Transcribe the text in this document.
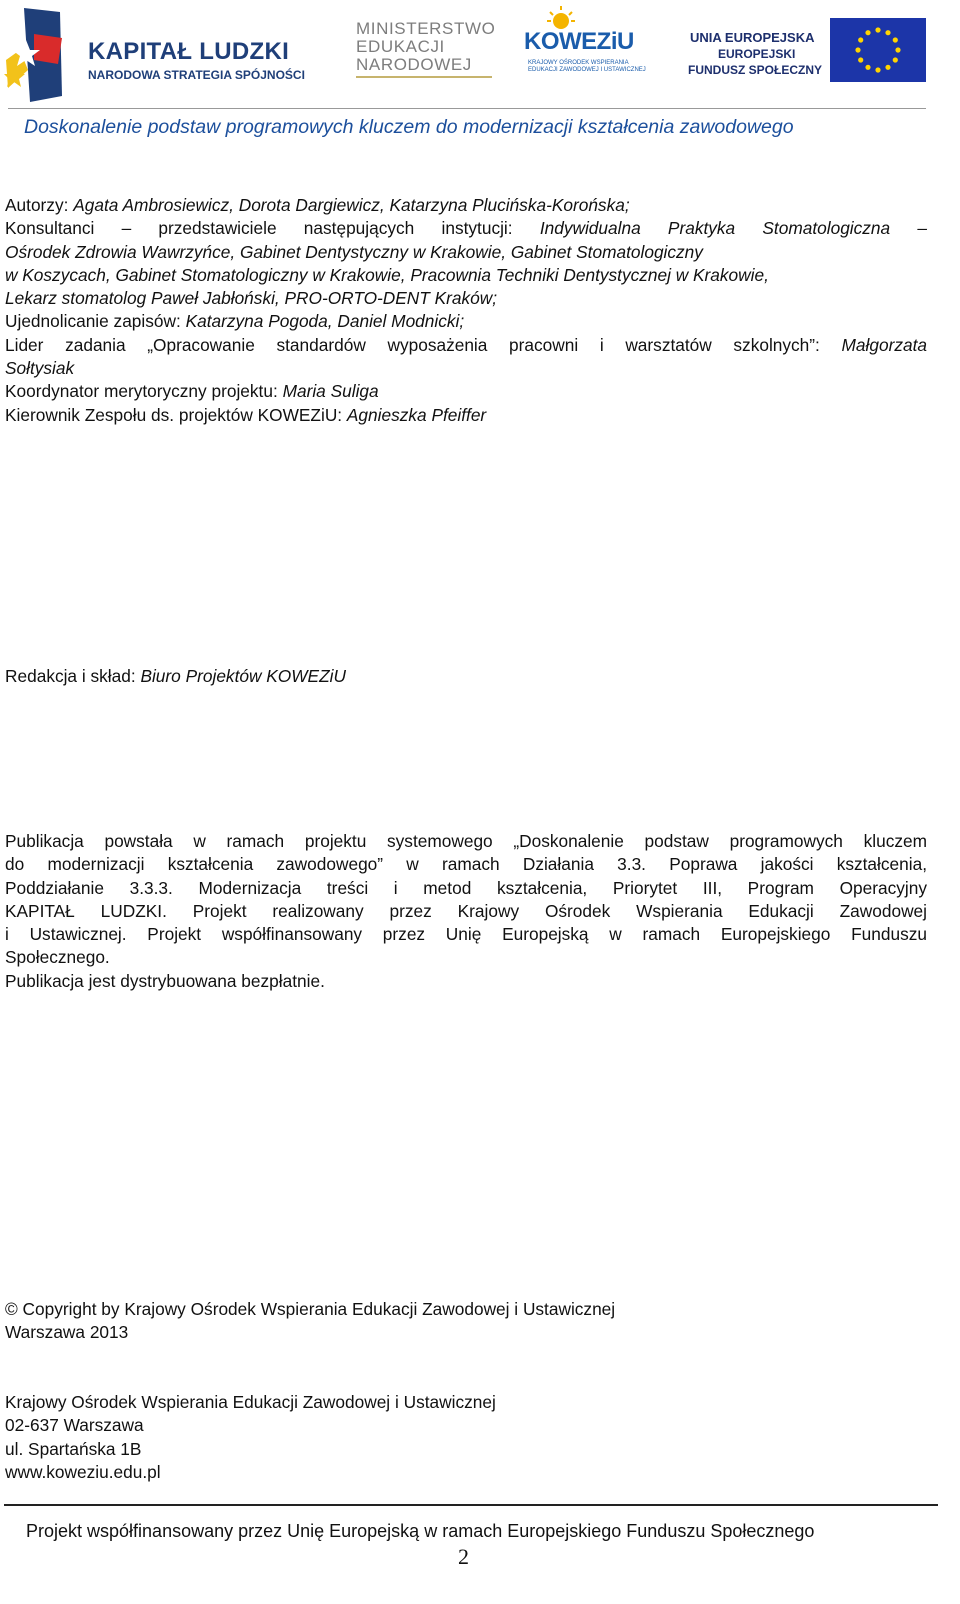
KAPITAŁ LUDZKI
NARODOWA STRATEGIA SPÓJNOŚCI
MINISTERSTWO
EDUKACJI
NARODOWEJ
KOWEZiU
KRAJOWY OŚRODEK WSPIERANIA
EDUKACJI ZAWODOWEJ I USTAWICZNEJ
UNIA EUROPEJSKA
EUROPEJSKI
FUNDUSZ SPOŁECZNY
Doskonalenie podstaw programowych kluczem do modernizacji kształcenia zawodowego
Autorzy: Agata Ambrosiewicz, Dorota Dargiewicz, Katarzyna Plucińska-Korońska;
Konsultanci – przedstawiciele następujących instytucji: Indywidualna Praktyka Stomatologiczna –
Ośrodek Zdrowia Wawrzyńce, Gabinet Dentystyczny w Krakowie, Gabinet Stomatologiczny
w Koszycach, Gabinet Stomatologiczny w Krakowie, Pracownia Techniki Dentystycznej w Krakowie,
Lekarz stomatolog Paweł Jabłoński, PRO-ORTO-DENT Kraków;
Ujednolicanie zapisów: Katarzyna Pogoda, Daniel Modnicki;
Lider zadania „Opracowanie standardów wyposażenia pracowni i warsztatów szkolnych”: Małgorzata
Sołtysiak
Koordynator merytoryczny projektu: Maria Suliga
Kierownik Zespołu ds. projektów KOWEZiU: Agnieszka Pfeiffer
Redakcja i skład: Biuro Projektów KOWEZiU
Publikacja powstała w ramach projektu systemowego „Doskonalenie podstaw programowych kluczem
do modernizacji kształcenia zawodowego” w ramach Działania 3.3. Poprawa jakości kształcenia,
Poddziałanie 3.3.3. Modernizacja treści i metod kształcenia, Priorytet III, Program Operacyjny
KAPITAŁ LUDZKI. Projekt realizowany przez Krajowy Ośrodek Wspierania Edukacji Zawodowej
i Ustawicznej. Projekt współfinansowany przez Unię Europejską w ramach Europejskiego Funduszu
Społecznego.
Publikacja jest dystrybuowana bezpłatnie.
© Copyright by Krajowy Ośrodek Wspierania Edukacji Zawodowej i Ustawicznej
Warszawa 2013
Krajowy Ośrodek Wspierania Edukacji Zawodowej i Ustawicznej
02-637 Warszawa
ul. Spartańska 1B
www.koweziu.edu.pl
Projekt współfinansowany przez Unię Europejską w ramach Europejskiego Funduszu Społecznego
2
